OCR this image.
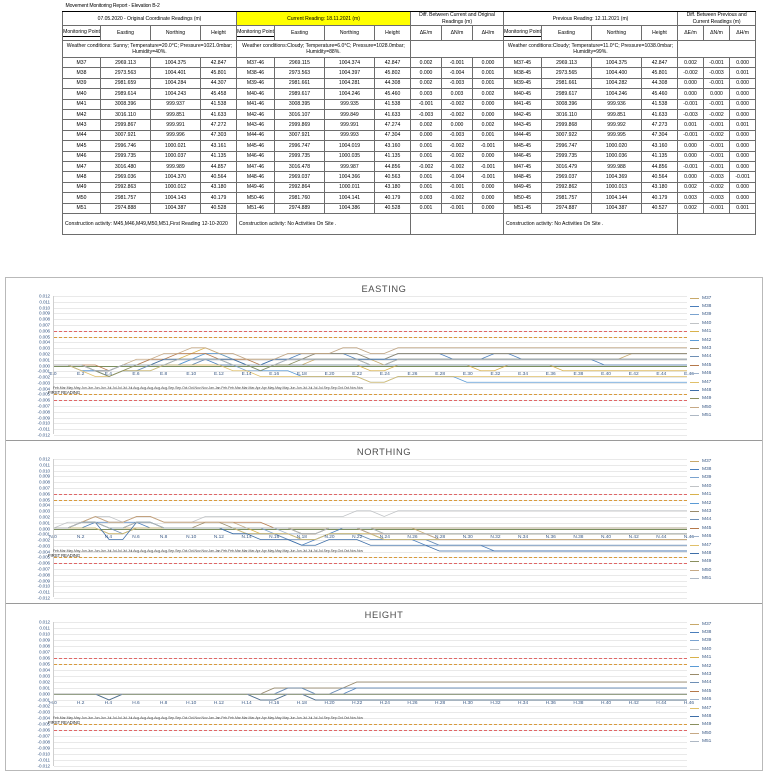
Movement Monitoring Report - Elevation B-2																	
07.05.2020 - Original Coordinate Readings (m)				Current Reading: 18.11.2021 (m)				Diff. Between Current and Original Readings (m)			Previous Reading: 12.11.2021 (m)				Diff. Between Previous and Current Readings (m)		
Monitoring Point	Easting	Northing	Height	Monitoring Point	Easting	Northing	Height	ΔE/m	ΔN/m	ΔH/m	Monitoring Point	Easting	Northing	Height	ΔE/m	ΔN/m	ΔH/m
Weather conditions: Sunny; Temperature=20.0°C; Pressure=1021.0mbar; Humidity=40%.				Weather conditions:Cloudy; Temperature=6.0°C; Pressure=1028.0mbar; Humidity=88%.							Weather conditions:Cloudy; Temperature=11.0°C; Pressure=1038.0mbar; Humidity=99%.						
M37	2969.113	1004.375	42.847	M37-46	2969.115	1004.374	42.847	0.002	-0.001	0.000	M37-45	2969.113	1004.375	42.847	0.002	-0.001	0.000
M38	2973.563	1004.401	45.801	M38-46	2973.563	1004.397	45.802	0.000	-0.004	0.001	M38-45	2973.565	1004.400	45.801	-0.002	-0.003	0.001
M39	2981.659	1004.284	44.307	M39-46	2981.661	1004.281	44.308	0.002	-0.003	0.001	M39-45	2981.661	1004.282	44.308	0.000	-0.001	0.000
M40	2989.614	1004.243	45.458	M40-46	2989.617	1004.246	45.460	0.003	0.003	0.002	M40-45	2989.617	1004.246	45.460	0.000	0.000	0.000
M41	3008.396	999.937	41.538	M41-46	3008.395	999.935	41.538	-0.001	-0.002	0.000	M41-45	3008.396	999.936	41.538	-0.001	-0.001	0.000
M42	3016.110	999.851	41.633	M42-46	3016.107	999.849	41.633	-0.003	-0.002	0.000	M42-45	3016.110	999.851	41.633	-0.003	-0.002	0.000
M43	2999.867	999.991	47.272	M43-46	2999.869	999.991	47.274	0.002	0.000	0.002	M43-45	2999.868	999.992	47.273	0.001	-0.001	0.001
M44	3007.921	999.996	47.303	M44-46	3007.921	999.993	47.304	0.000	-0.003	0.001	M44-45	3007.922	999.995	47.304	-0.001	-0.002	0.000
M45	2996.746	1000.021	43.161	M45-46	2996.747	1004.019	43.160	0.001	-0.002	-0.001	M45-45	2996.747	1000.020	43.160	0.000	-0.001	0.000
M46	2999.735	1000.037	41.135	M46-46	2999.735	1000.035	41.135	0.001	-0.002	0.000	M46-45	2999.735	1000.036	41.135	0.000	-0.001	0.000
M47	3016.480	999.989	44.857	M47-46	3016.478	999.987	44.856	-0.002	-0.002	-0.001	M47-45	3016.479	999.988	44.856	-0.001	-0.001	0.000
M48	2969.036	1004.370	40.564	M48-46	2969.037	1004.366	40.563	0.001	-0.004	-0.001	M48-45	2969.037	1004.369	40.564	0.000	-0.003	-0.001
M49	2992.863	1000.012	43.180	M49-46	2992.864	1000.011	43.180	0.001	-0.001	0.000	M49-45	2992.862	1000.013	43.180	0.002	-0.002	0.000
M50	2981.757	1004.143	40.179	M50-46	2981.760	1004.141	40.179	0.003	-0.002	0.000	M50-45	2981.757	1004.144	40.179	0.003	-0.003	0.000
M51	2974.888	1004.387	40.528	M51-46	2974.889	1004.386	40.528	0.001	-0.001	0.000	M51-45	2974.887	1004.387	40.527	0.002	-0.001	0.001
Construction activity: M45,M46,M49,M50,M51,First Reading 12-10-2020				Construction activity: No Activities On Site .							Construction activity: No Activities On Site .						
EASTING
0.012
0.011
0.010
0.009
0.008
0.007
0.006
0.005
0.004
0.003
0.002
0.001
0.000
-0.001
-0.002
-0.003
-0.004
-0.005
-0.006
-0.007
-0.008
-0.009
-0.010
-0.011
-0.012
E.0	E.2	E.4	E.6	E.8	E.10	E.12	E.14	E.16	E.18	E.20	E.22	E.24	E.26	E.28	E.30	E.32	E.34	E.36	E.38	E.40	E.42	E.44	E.46
Feb-Mar-May-May-Jun-Jun-Jun-Jun-Jul-Jul-Jul-Jul-Jul-Aug-Aug-Aug-Aug-Aug-Sep-Sep-Oct-Oct-Nov-Nov-Jan-Jan-Feb-Feb-Mar-Mar-Mar-Apr-Apr-May-May-May-Jun-Jun-Jul-Jul-Jul-Jul-Sep-Sep-Oct-Oct-Nov-Nov
FIRST READING
M37
M38
M39
M40
M41
M42
M43
M44
M45
M46
M47
M48
M49
M50
M51
NORTHING
0.012
0.011
0.010
0.009
0.008
0.007
0.006
0.005
0.004
0.003
0.002
0.001
0.000
-0.001
-0.002
-0.003
-0.004
-0.005
-0.006
-0.007
-0.008
-0.009
-0.010
-0.011
-0.012
N.0	N.2	N.4	N.6	N.8	N.10	N.12	N.14	N.16	N.18	N.20	N.22	N.24	N.26	N.28	N.30	N.32	N.34	N.36	N.38	N.40	N.42	N.44	N.46
Feb-Mar-May-May-Jun-Jun-Jun-Jun-Jul-Jul-Jul-Jul-Jul-Aug-Aug-Aug-Aug-Aug-Sep-Sep-Oct-Oct-Nov-Nov-Jan-Jan-Feb-Feb-Mar-Mar-Mar-Apr-Apr-May-May-May-Jun-Jun-Jul-Jul-Jul-Jul-Sep-Sep-Oct-Oct-Nov-Nov
FIRST READING
M37
M38
M39
M40
M41
M42
M43
M44
M45
M46
M47
M48
M49
M50
M51
HEIGHT
0.012
0.011
0.010
0.009
0.008
0.007
0.006
0.005
0.004
0.003
0.002
0.001
0.000
-0.001
-0.002
-0.003
-0.004
-0.005
-0.006
-0.007
-0.008
-0.009
-0.010
-0.011
-0.012
H.0	H.2	H.4	H.6	H.8	H.10	H.12	H.14	H.16	H.18	H.20	H.22	H.24	H.26	H.28	H.30	H.32	H.34	H.36	H.38	H.40	H.42	H.44	H.46
Feb-Mar-May-May-Jun-Jun-Jun-Jun-Jul-Jul-Jul-Jul-Jul-Aug-Aug-Aug-Aug-Aug-Sep-Sep-Oct-Oct-Nov-Nov-Jan-Jan-Feb-Feb-Mar-Mar-Mar-Apr-Apr-May-May-May-Jun-Jun-Jul-Jul-Jul-Jul-Sep-Sep-Oct-Oct-Nov-Nov
FIRST READING
M37
M38
M39
M40
M41
M42
M43
M44
M45
M46
M47
M48
M49
M50
M51
